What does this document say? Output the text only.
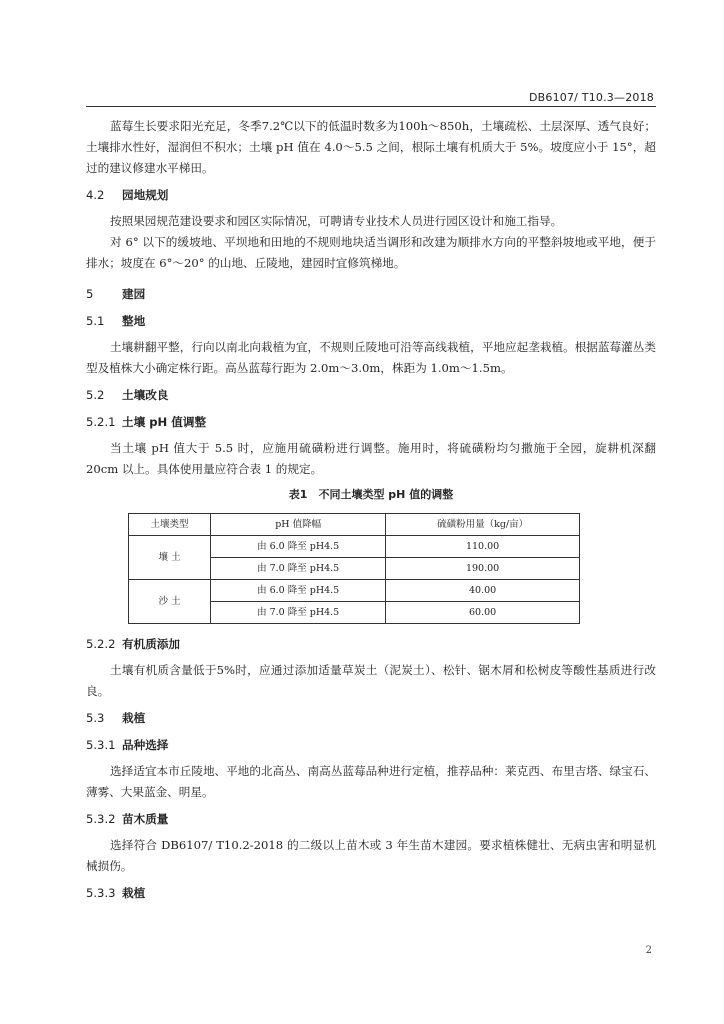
DB6107/ T10.3—2018

蓝莓生长要求阳光充足，冬季7.2℃以下的低温时数多为100h～850h，土壤疏松、土层深厚、透气良好；土壤排水性好，湿润但不积水；土壤 pH 值在 4.0～5.5 之间，根际土壤有机质大于 5%。坡度应小于 15°，超过的建议修建水平梯田。

4.2 园地规划

按照果园规范建设要求和园区实际情况，可聘请专业技术人员进行园区设计和施工指导。

对 6° 以下的缓坡地、平坝地和田地的不规则地块适当调形和改建为顺排水方向的平整斜坡地或平地，便于排水；坡度在 6°～20° 的山地、丘陵地，建园时宜修筑梯地。

5 建园
5.1 整地

土壤耕翻平整，行向以南北向栽植为宜，不规则丘陵地可沿等高线栽植，平地应起垄栽植。根据蓝莓灌丛类型及植株大小确定株行距。高丛蓝莓行距为 2.0m～3.0m，株距为 1.0m～1.5m。

5.2 土壤改良
5.2.1 土壤 pH 值调整

当土壤 pH 值大于 5.5 时，应施用硫磺粉进行调整。施用时，将硫磺粉均匀撒施于全园，旋耕机深翻 20cm 以上。具体使用量应符合表 1 的规定。

表1　不同土壤类型 pH 值的调整
土壤类型	pH 值降幅	硫磺粉用量（kg/亩）
壤 土	由 6.0 降至 pH4.5	110.00
	由 7.0 降至 pH4.5	190.00
沙 土	由 6.0 降至 pH4.5	40.00
	由 7.0 降至 pH4.5	60.00
5.2.2 有机质添加

土壤有机质含量低于5%时，应通过添加适量草炭土（泥炭土）、松针、锯木屑和松树皮等酸性基质进行改良。

5.3 栽植
5.3.1 品种选择

选择适宜本市丘陵地、平地的北高丛、南高丛蓝莓品种进行定植，推荐品种：莱克西、布里吉塔、绿宝石、薄雾、大果蓝金、明星。

5.3.2 苗木质量

选择符合 DB6107/ T10.2-2018 的二级以上苗木或 3 年生苗木建园。要求植株健壮、无病虫害和明显机械损伤。

5.3.3 栽植
2
